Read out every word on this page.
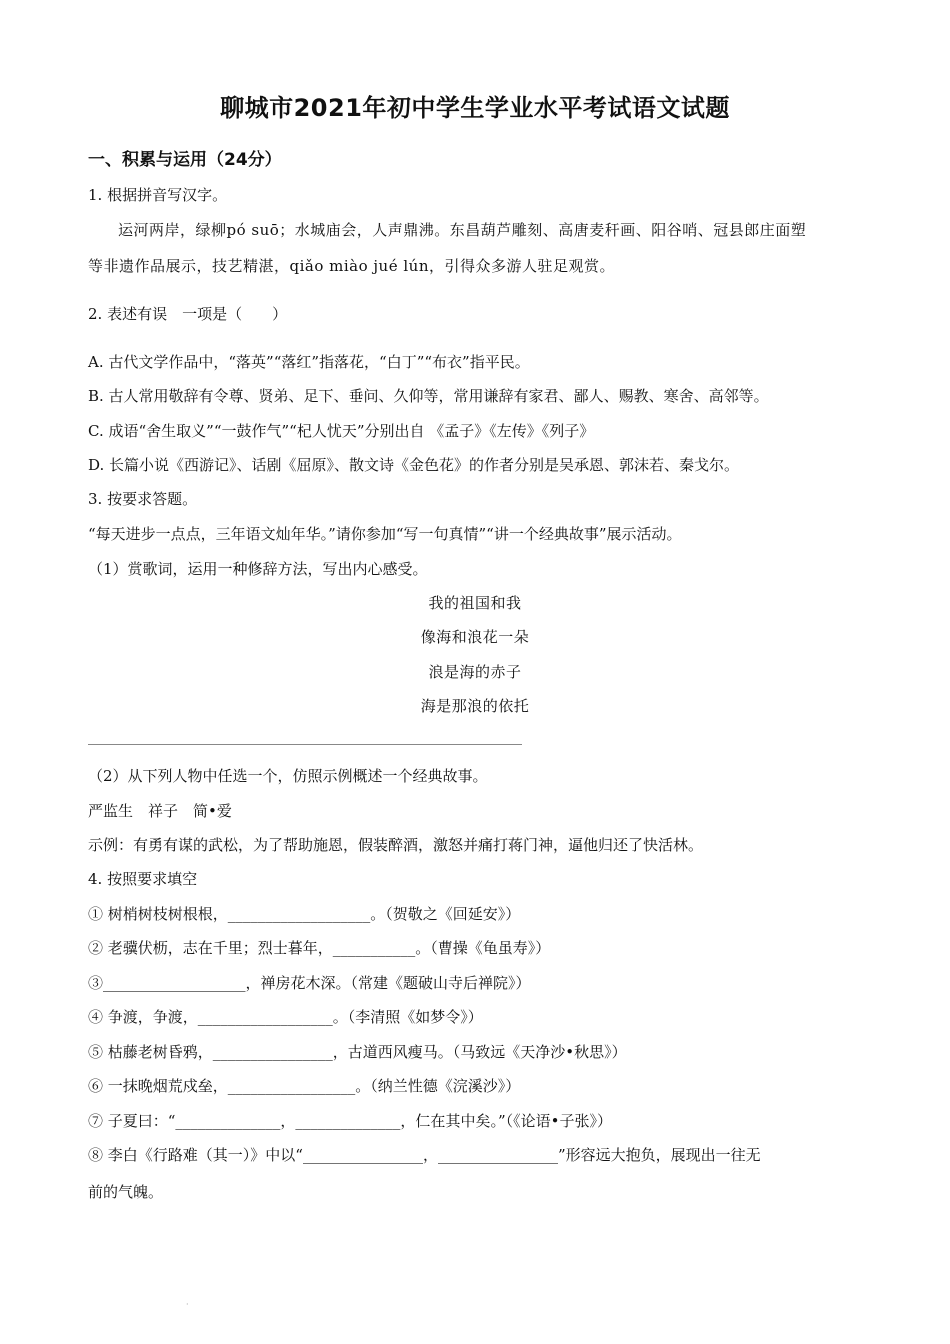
聊城市2021年初中学生学业水平考试语文试题
一、积累与运用（24分）
1. 根据拼音写汉字。
运河两岸，绿柳pó suō；水城庙会，人声鼎沸。东昌葫芦雕刻、高唐麦秆画、阳谷哨、冠县郎庄面塑
等非遗作品展示，技艺精湛，qiǎo miào jué lún，引得众多游人驻足观赏。
2. 表述有误　一项是（　　）
A. 古代文学作品中，“落英”“落红”指落花，“白丁”“布衣”指平民。
B. 古人常用敬辞有令尊、贤弟、足下、垂问、久仰等，常用谦辞有家君、鄙人、赐教、寒舍、高邻等。
C. 成语“舍生取义”“一鼓作气”“杞人忧天”分别出自 《孟子》《左传》《列子》
D. 长篇小说《西游记》、话剧《屈原》、散文诗《金色花》的作者分别是吴承恩、郭沫若、秦戈尔。
3. 按要求答题。
“每天进步一点点，三年语文灿年华。”请你参加“写一句真情”“讲一个经典故事”展示活动。
（1）赏歌词，运用一种修辞方法，写出内心感受。
我的祖国和我
像海和浪花一朵
浪是海的赤子
海是那浪的依托
（2）从下列人物中任选一个，仿照示例概述一个经典故事。
严监生　祥子　简•爱
示例：有勇有谋的武松，为了帮助施恩，假装醉酒，激怒并痛打蒋门神，逼他归还了快活林。
4. 按照要求填空
① 树梢树枝树根根，___________________。（贺敬之《回延安》）
② 老骥伏枥，志在千里；烈士暮年，___________。（曹操《龟虽寿》）
③___________________，禅房花木深。（常建《题破山寺后禅院》）
④ 争渡，争渡，__________________。（李清照《如梦令》）
⑤ 枯藤老树昏鸦，________________，古道西风瘦马。（马致远《天净沙•秋思》）
⑥ 一抹晚烟荒戍垒，_________________。（纳兰性德《浣溪沙》）
⑦ 子夏曰：“______________，______________，仁在其中矣。”（《论语•子张》）
⑧ 李白《行路难（其一）》中以“________________，________________”形容远大抱负，展现出一往无
前的气魄。
·
